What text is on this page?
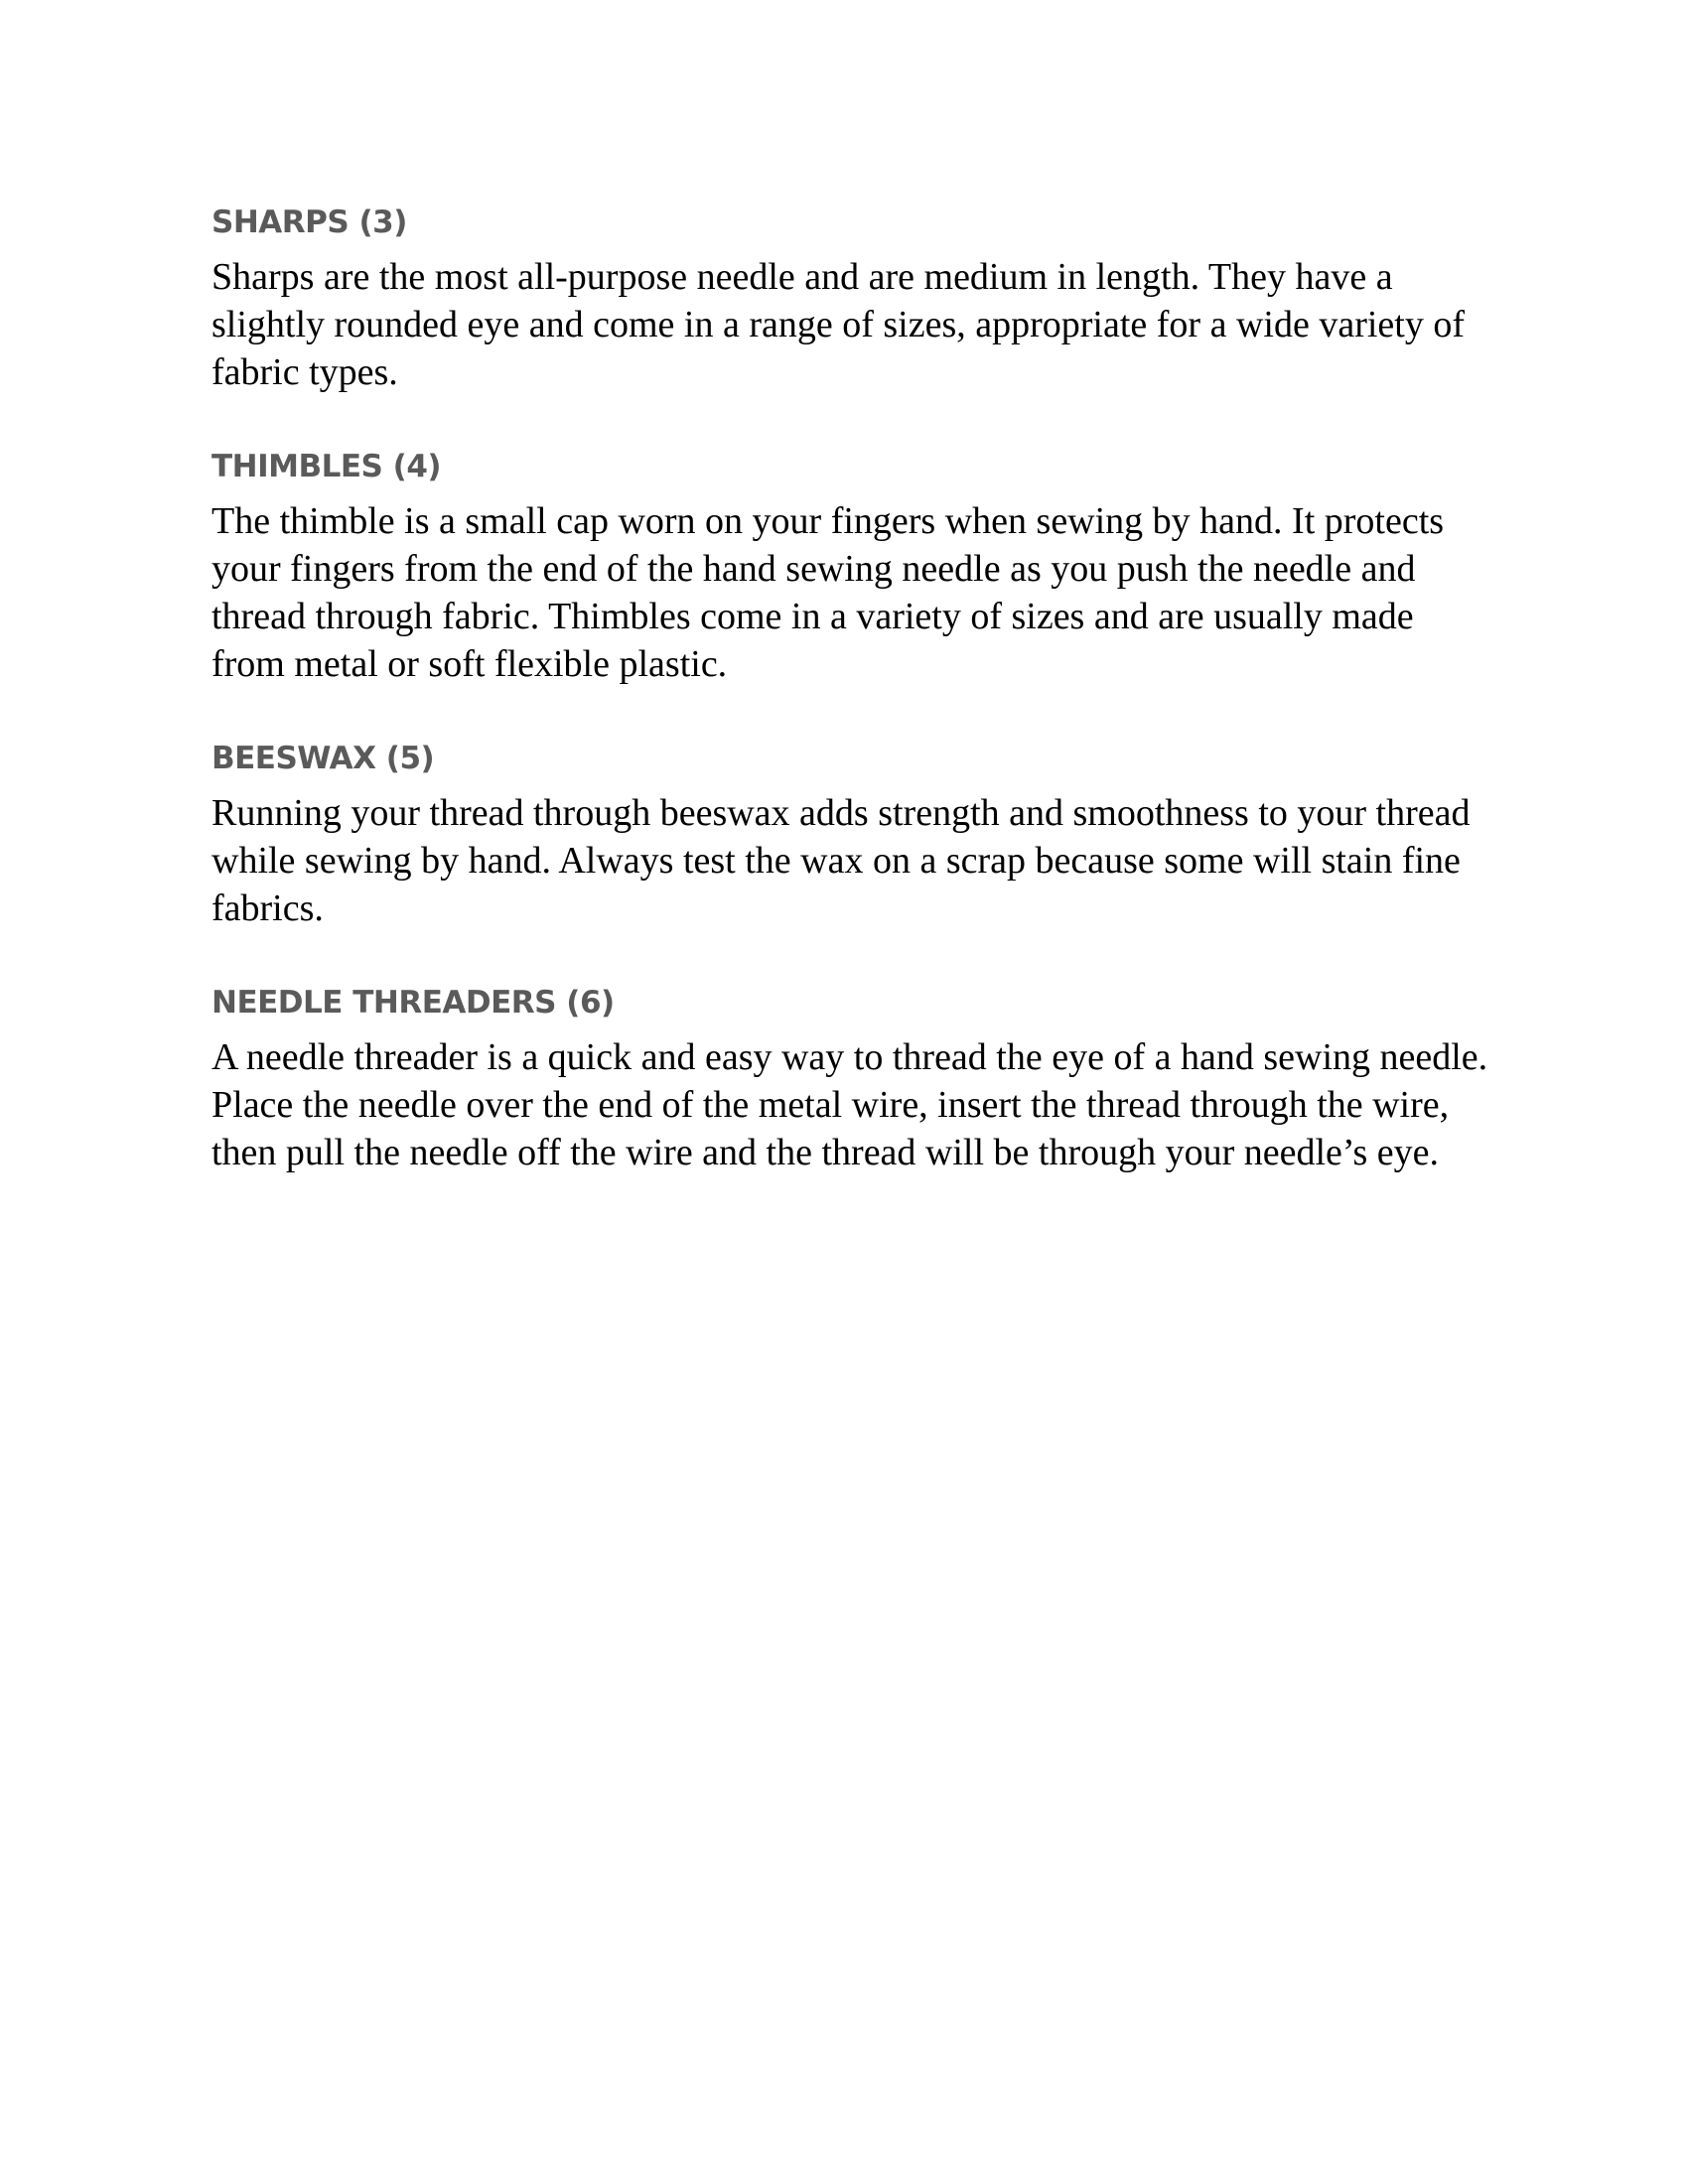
SHARPS (3)

Sharps are the most all-purpose needle and are medium in length. They have a slightly rounded eye and come in a range of sizes, appropriate for a wide variety of fabric types.

THIMBLES (4)

The thimble is a small cap worn on your fingers when sewing by hand. It protects your fingers from the end of the hand sewing needle as you push the needle and thread through fabric. Thimbles come in a variety of sizes and are usually made from metal or soft flexible plastic.

BEESWAX (5)

Running your thread through beeswax adds strength and smoothness to your thread while sewing by hand. Always test the wax on a scrap because some will stain fine fabrics.

NEEDLE THREADERS (6)

A needle threader is a quick and easy way to thread the eye of a hand sewing needle. Place the needle over the end of the metal wire, insert the thread through the wire, then pull the needle off the wire and the thread will be through your needle’s eye.
